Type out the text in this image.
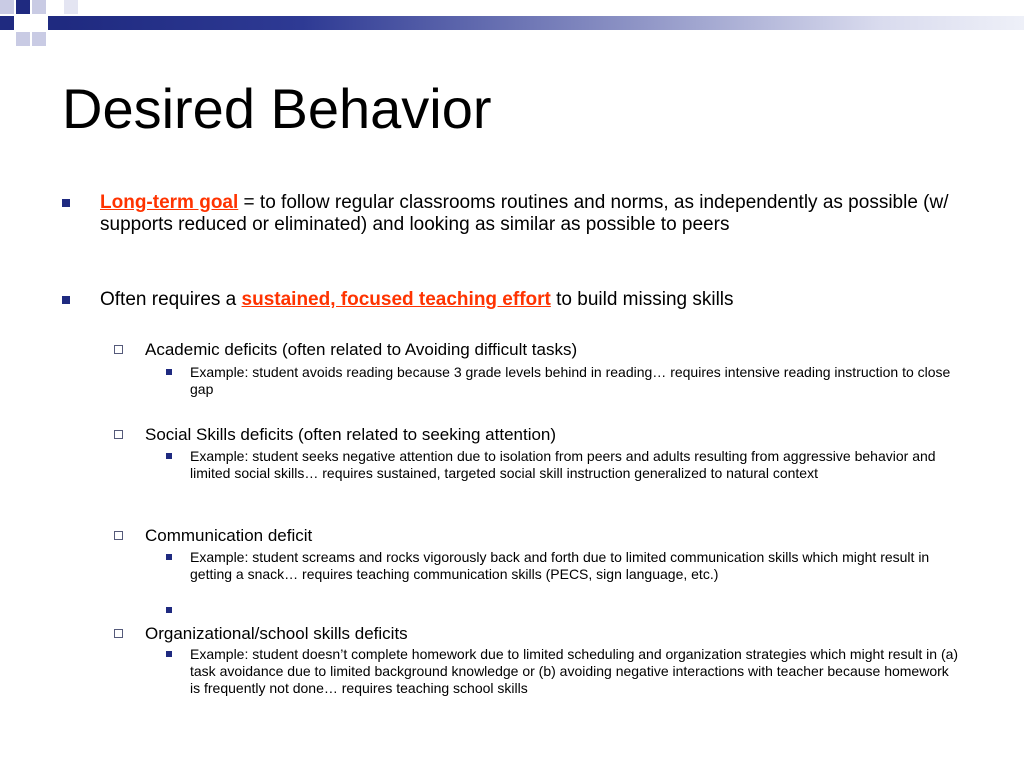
Desired Behavior
Long-term goal = to follow regular classrooms routines and norms, as independently as possible (w/ supports reduced or eliminated) and looking as similar as possible to peers
Often requires a sustained, focused teaching effort to build missing skills
Academic deficits (often related to Avoiding difficult tasks)
Example: student avoids reading because 3 grade levels behind in reading… requires intensive reading instruction to close gap
Social Skills deficits (often related to seeking attention)
Example: student seeks negative attention due to isolation from peers and adults resulting from aggressive behavior and limited social skills… requires sustained, targeted social skill instruction generalized to natural context
Communication deficit
Example: student screams and rocks vigorously back and forth due to limited communication skills which might result in getting a snack… requires teaching communication skills (PECS, sign language, etc.)
Organizational/school skills deficits
Example: student doesn’t complete homework due to limited scheduling and organization strategies which might result in (a) task avoidance due to limited background knowledge or (b) avoiding negative interactions with teacher because homework is frequently not done… requires teaching school skills
